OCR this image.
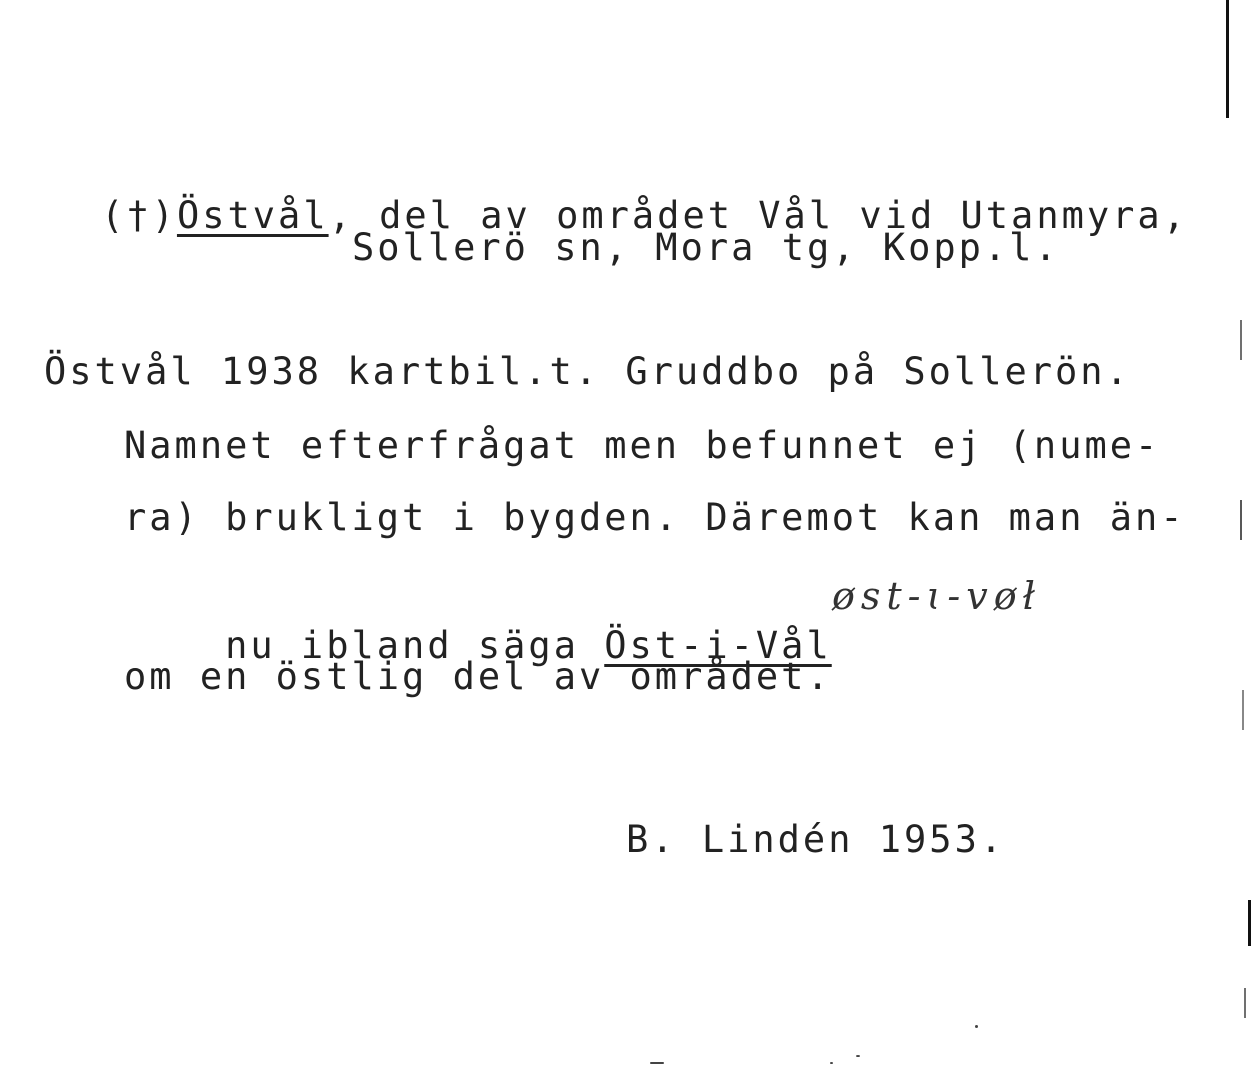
(†)Östvål, del av området Vål vid Utanmyra,

Sollerö sn, Mora tg, Kopp.l.
Östvål 1938 kartbil.t. Gruddbo på Sollerön.
Namnet efterfrågat men befunnet ej (nume-
ra) brukligt i bygden. Däremot kan man än-

nu ibland säga Öst-i-Vål

øst-ɩ-vøł
om en östlig del av området.
B. Lindén 1953.
